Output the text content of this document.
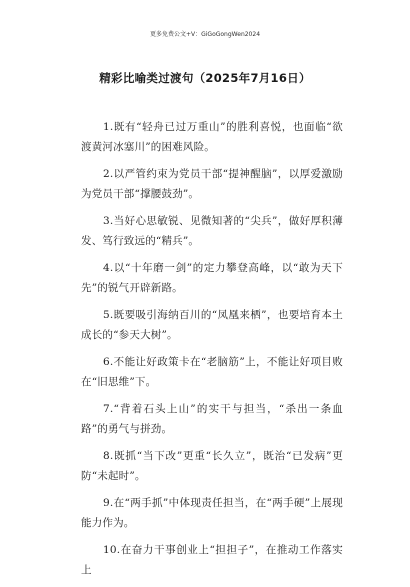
更多免费公文+V：GiGoGongWen2024
精彩比喻类过渡句（2025年7月16日）

1.既有“轻舟已过万重山”的胜利喜悦，也面临“欲渡黄河冰塞川”的困难风险。

2.以严管约束为党员干部“提神醒脑”，以厚爱激励为党员干部“撑腰鼓劲”。

3.当好心思敏锐、见微知著的“尖兵”，做好厚积薄发、笃行致远的“精兵”。

4.以“十年磨一剑”的定力攀登高峰，以“敢为天下先”的锐气开辟新路。

5.既要吸引海纳百川的“凤凰来栖”，也要培育本土成长的“参天大树”。

6.不能让好政策卡在“老脑筋”上，不能让好项目败在“旧思维”下。

7.“背着石头上山”的实干与担当，“杀出一条血路”的勇气与拼劲。

8.既抓“当下改”更重“长久立”，既治“已发病”更防“未起时”。

9.在“两手抓”中体现责任担当，在“两手硬”上展现能力作为。

10.在奋力干事创业上“担担子”，在推动工作落实上
